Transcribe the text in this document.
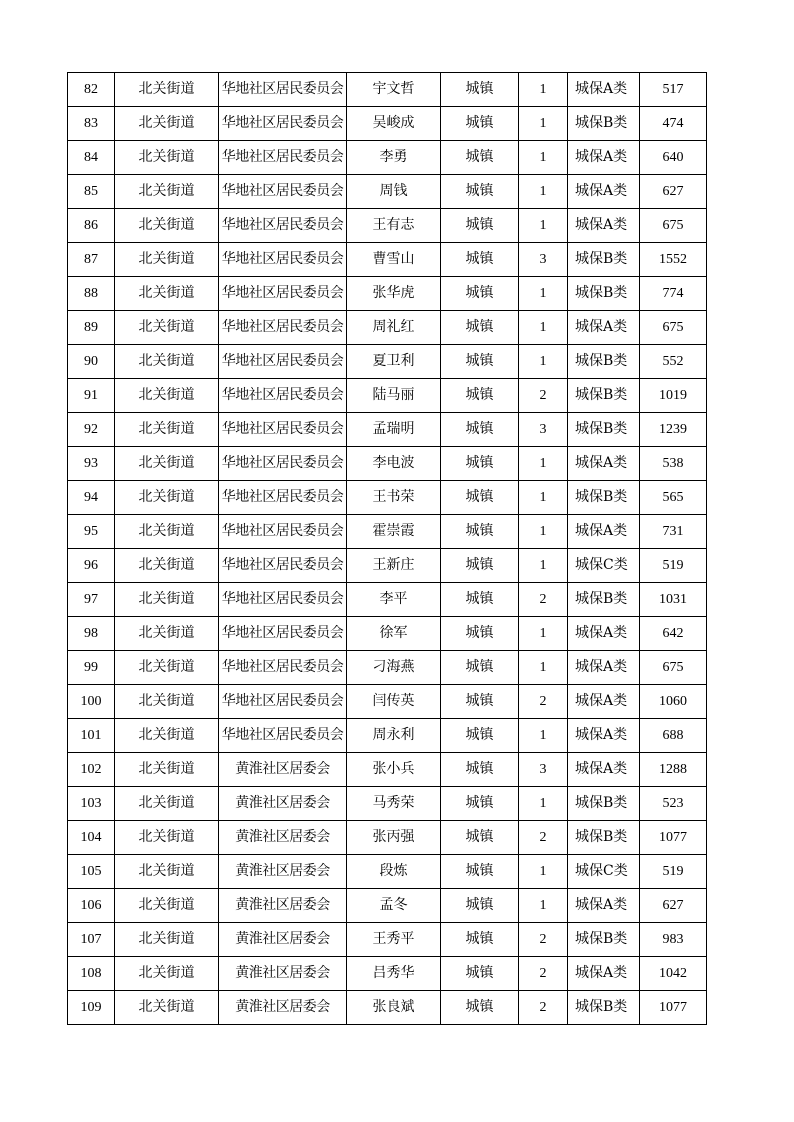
82	北关街道	华地社区居民委员会	宇文哲	城镇	1	城保A类	517
83	北关街道	华地社区居民委员会	吴峻成	城镇	1	城保B类	474
84	北关街道	华地社区居民委员会	李勇	城镇	1	城保A类	640
85	北关街道	华地社区居民委员会	周钱	城镇	1	城保A类	627
86	北关街道	华地社区居民委员会	王有志	城镇	1	城保A类	675
87	北关街道	华地社区居民委员会	曹雪山	城镇	3	城保B类	1552
88	北关街道	华地社区居民委员会	张华虎	城镇	1	城保B类	774
89	北关街道	华地社区居民委员会	周礼红	城镇	1	城保A类	675
90	北关街道	华地社区居民委员会	夏卫利	城镇	1	城保B类	552
91	北关街道	华地社区居民委员会	陆马丽	城镇	2	城保B类	1019
92	北关街道	华地社区居民委员会	孟瑞明	城镇	3	城保B类	1239
93	北关街道	华地社区居民委员会	李电波	城镇	1	城保A类	538
94	北关街道	华地社区居民委员会	王书荣	城镇	1	城保B类	565
95	北关街道	华地社区居民委员会	霍崇霞	城镇	1	城保A类	731
96	北关街道	华地社区居民委员会	王新庄	城镇	1	城保C类	519
97	北关街道	华地社区居民委员会	李平	城镇	2	城保B类	1031
98	北关街道	华地社区居民委员会	徐军	城镇	1	城保A类	642
99	北关街道	华地社区居民委员会	刁海燕	城镇	1	城保A类	675
100	北关街道	华地社区居民委员会	闫传英	城镇	2	城保A类	1060
101	北关街道	华地社区居民委员会	周永利	城镇	1	城保A类	688
102	北关街道	黄淮社区居委会	张小兵	城镇	3	城保A类	1288
103	北关街道	黄淮社区居委会	马秀荣	城镇	1	城保B类	523
104	北关街道	黄淮社区居委会	张丙强	城镇	2	城保B类	1077
105	北关街道	黄淮社区居委会	段炼	城镇	1	城保C类	519
106	北关街道	黄淮社区居委会	孟冬	城镇	1	城保A类	627
107	北关街道	黄淮社区居委会	王秀平	城镇	2	城保B类	983
108	北关街道	黄淮社区居委会	吕秀华	城镇	2	城保A类	1042
109	北关街道	黄淮社区居委会	张良斌	城镇	2	城保B类	1077
